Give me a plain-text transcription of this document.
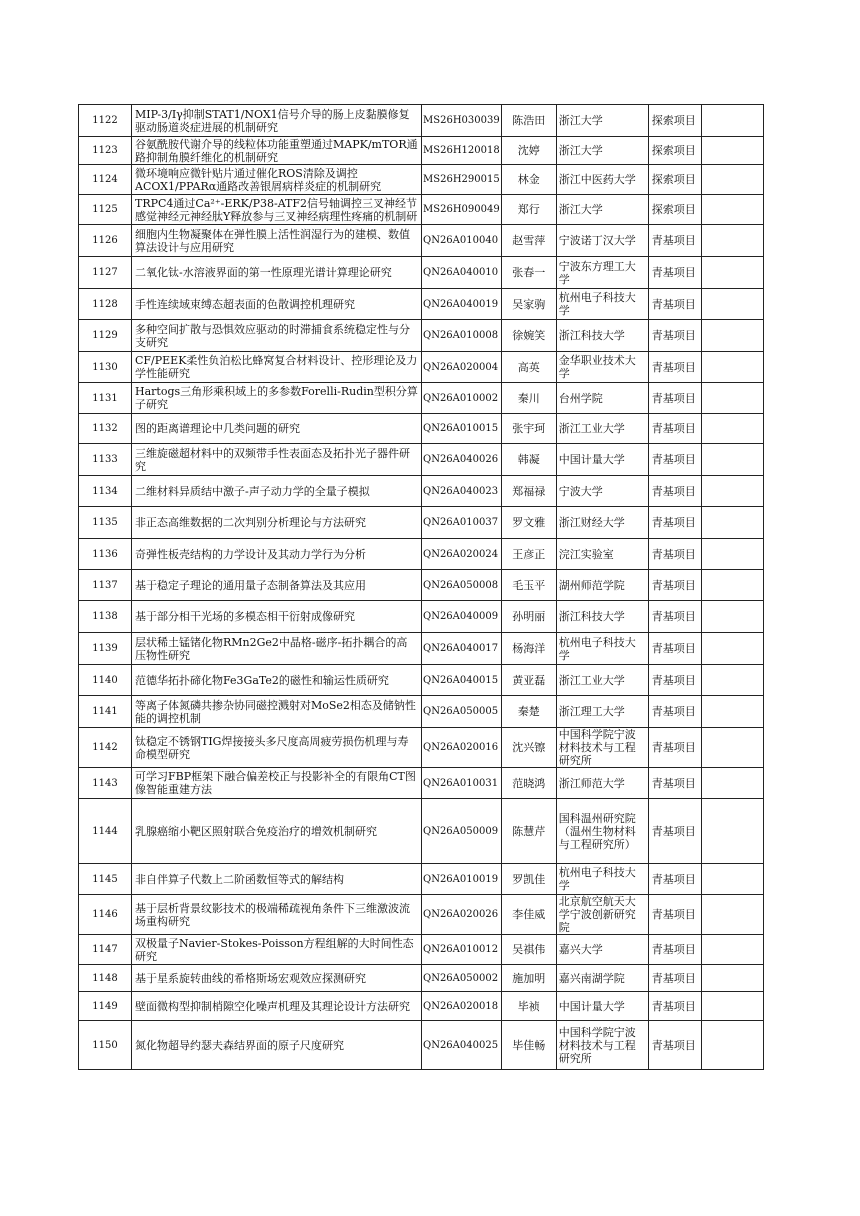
1122	MIP-3/Iγ抑制STAT1/NOX1信号介导的肠上皮黏膜修复驱动肠道炎症进展的机制研究	MS26H030039	陈浩田	浙江大学	探索项目	
1123	谷氨酰胺代谢介导的线粒体功能重塑通过MAPK/mTOR通路抑制角膜纤维化的机制研究	MS26H120018	沈婷	浙江大学	探索项目	
1124	微环境响应微针贴片通过催化ROS清除及调控ACOX1/PPARα通路改善银屑病样炎症的机制研究	MS26H290015	林金	浙江中医药大学	探索项目	
1125	TRPC4通过Ca²⁺-ERK/P38-ATF2信号轴调控三叉神经节感觉神经元神经肽Y释放参与三叉神经病理性疼痛的机制研	MS26H090049	郑行	浙江大学	探索项目	
1126	细胞内生物凝聚体在弹性膜上活性润湿行为的建模、数值算法设计与应用研究	QN26A010040	赵雪萍	宁波诺丁汉大学	青基项目	
1127	二氧化钛-水溶液界面的第一性原理光谱计算理论研究	QN26A040010	张春一	宁波东方理工大学	青基项目	
1128	手性连续域束缚态超表面的色散调控机理研究	QN26A040019	吴家驹	杭州电子科技大学	青基项目	
1129	多种空间扩散与恐惧效应驱动的时滞捕食系统稳定性与分支研究	QN26A010008	徐婉笑	浙江科技大学	青基项目	
1130	CF/PEEK柔性负泊松比蜂窝复合材料设计、控形理论及力学性能研究	QN26A020004	高英	金华职业技术大学	青基项目	
1131	Hartogs三角形乘积域上的多参数Forelli-Rudin型积分算子研究	QN26A010002	秦川	台州学院	青基项目	
1132	图的距离谱理论中几类问题的研究	QN26A010015	张宇珂	浙江工业大学	青基项目	
1133	三维旋磁超材料中的双频带手性表面态及拓扑光子器件研究	QN26A040026	韩凝	中国计量大学	青基项目	
1134	二维材料异质结中激子-声子动力学的全量子模拟	QN26A040023	郑福禄	宁波大学	青基项目	
1135	非正态高维数据的二次判别分析理论与方法研究	QN26A010037	罗文雅	浙江财经大学	青基项目	
1136	奇弹性板壳结构的力学设计及其动力学行为分析	QN26A020024	王彦正	浣江实验室	青基项目	
1137	基于稳定子理论的通用量子态制备算法及其应用	QN26A050008	毛玉平	湖州师范学院	青基项目	
1138	基于部分相干光场的多模态相干衍射成像研究	QN26A040009	孙明丽	浙江科技大学	青基项目	
1139	层状稀土锰锗化物RMn2Ge2中晶格-磁序-拓扑耦合的高压物性研究	QN26A040017	杨海洋	杭州电子科技大学	青基项目	
1140	范德华拓扑碲化物Fe3GaTe2的磁性和输运性质研究	QN26A040015	黄亚磊	浙江工业大学	青基项目	
1141	等离子体氮磷共掺杂协同磁控溅射对MoSe2相态及储钠性能的调控机制	QN26A050005	秦楚	浙江理工大学	青基项目	
1142	钛稳定不锈钢TIG焊接接头多尺度高周疲劳损伤机理与寿命模型研究	QN26A020016	沈兴镲	中国科学院宁波材料技术与工程研究所	青基项目	
1143	可学习FBP框架下融合偏差校正与投影补全的有限角CT图像智能重建方法	QN26A010031	范晓鸿	浙江师范大学	青基项目	
1144	乳腺癌缩小靶区照射联合免疫治疗的增效机制研究	QN26A050009	陈慧芹	国科温州研究院（温州生物材料与工程研究所）	青基项目	
1145	非自伴算子代数上二阶函数恒等式的解结构	QN26A010019	罗凯佳	杭州电子科技大学	青基项目	
1146	基于层析背景纹影技术的极端稀疏视角条件下三维激波流场重构研究	QN26A020026	李佳威	北京航空航天大学宁波创新研究院	青基项目	
1147	双极量子Navier-Stokes-Poisson方程组解的大时间性态研究	QN26A010012	吴祺伟	嘉兴大学	青基项目	
1148	基于星系旋转曲线的希格斯场宏观效应探测研究	QN26A050002	施加明	嘉兴南湖学院	青基项目	
1149	壁面微构型抑制梢隙空化噪声机理及其理论设计方法研究	QN26A020018	毕祯	中国计量大学	青基项目	
1150	氮化物超导约瑟夫森结界面的原子尺度研究	QN26A040025	毕佳畅	中国科学院宁波材料技术与工程研究所	青基项目	
